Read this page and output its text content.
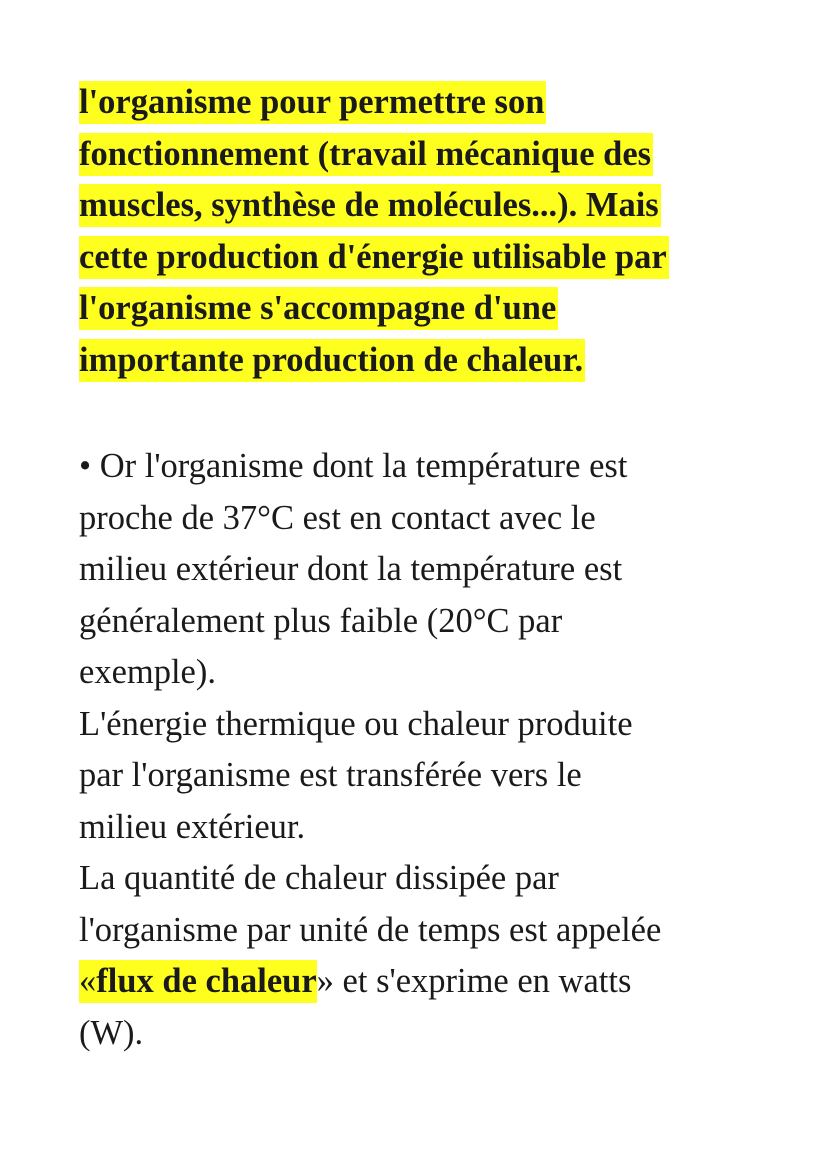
l'organisme pour permettre son
fonctionnement (travail mécanique des
muscles, synthèse de molécules...). Mais
cette production d'énergie utilisable par
l'organisme s'accompagne d'une
importante production de chaleur.

• Or l'organisme dont la température est
proche de 37°C est en contact avec le
milieu extérieur dont la température est
généralement plus faible (20°C par
exemple).
L'énergie thermique ou chaleur produite
par l'organisme est transférée vers le
milieu extérieur.
La quantité de chaleur dissipée par
l'organisme par unité de temps est appelée
«flux de chaleur» et s'exprime en watts
(W).
